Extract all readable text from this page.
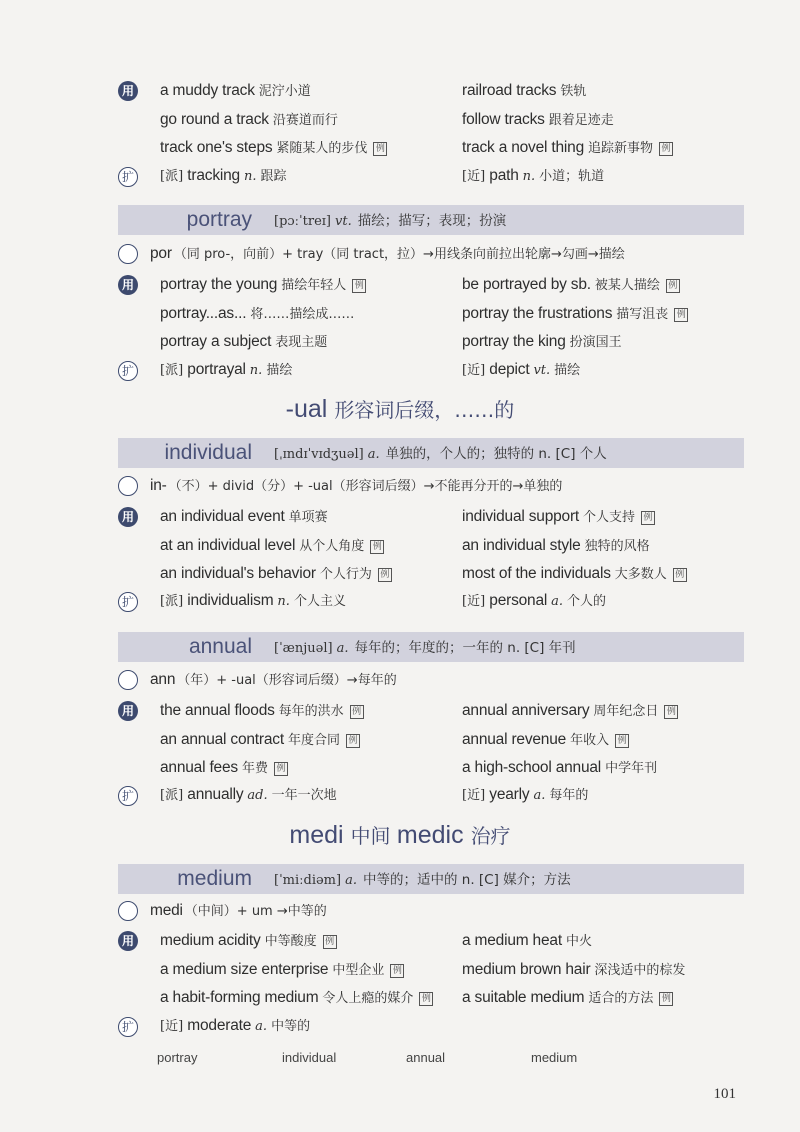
用 a muddy track 泥泞小道	railroad tracks 铁轨
go round a track 沿赛道而行	follow tracks 跟着足迹走
track one's steps 紧随某人的步伐 例	track a novel thing 追踪新事物 例
扩	[派] tracking n. 跟踪	[近] path n. 小道；轨道
portray [pɔːˈtreɪ] vt. 描绘；描写；表现；扮演
por （同 pro-，向前）+ tray（同 tract，拉）→用线条向前拉出轮廓→勾画→描绘
用 portray the young 描绘年轻人 例	be portrayed by sb. 被某人描绘 例
portray...as... 将……描绘成……	portray the frustrations 描写沮丧 例
portray a subject 表现主题	portray the king 扮演国王
扩	[派] portrayal n. 描绘	[近] depict vt. 描绘
-ual 形容词后缀，……的
individual [ˌɪndɪˈvɪdʒuəl] a. 单独的，个人的；独特的 n. [C] 个人
in- （不）+ divid（分）+ -ual（形容词后缀）→不能再分开的→单独的
用 an individual event 单项赛	individual support 个人支持 例
at an individual level 从个人角度 例	an individual style 独特的风格
an individual's behavior 个人行为 例	most of the individuals 大多数人 例
扩	[派] individualism n. 个人主义	[近] personal a. 个人的
annual [ˈænjuəl] a. 每年的；年度的；一年的 n. [C] 年刊
ann （年）+ -ual（形容词后缀）→每年的
用 the annual floods 每年的洪水 例	annual anniversary 周年纪念日 例
an annual contract 年度合同 例	annual revenue 年收入 例
annual fees 年费 例	a high-school annual 中学年刊
扩	[派] annually ad. 一年一次地	[近] yearly a. 每年的
medi 中间 medic 治疗
medium [ˈmiːdiəm] a. 中等的；适中的 n. [C] 媒介；方法
medi （中间）+ um →中等的
用 medium acidity 中等酸度 例	a medium heat 中火
a medium size enterprise 中型企业 例	medium brown hair 深浅适中的棕发
a habit-forming medium 令人上瘾的媒介 例 a suitable medium 适合的方法 例
扩	[近] moderate a. 中等的
portray	individual	annual	medium
101
